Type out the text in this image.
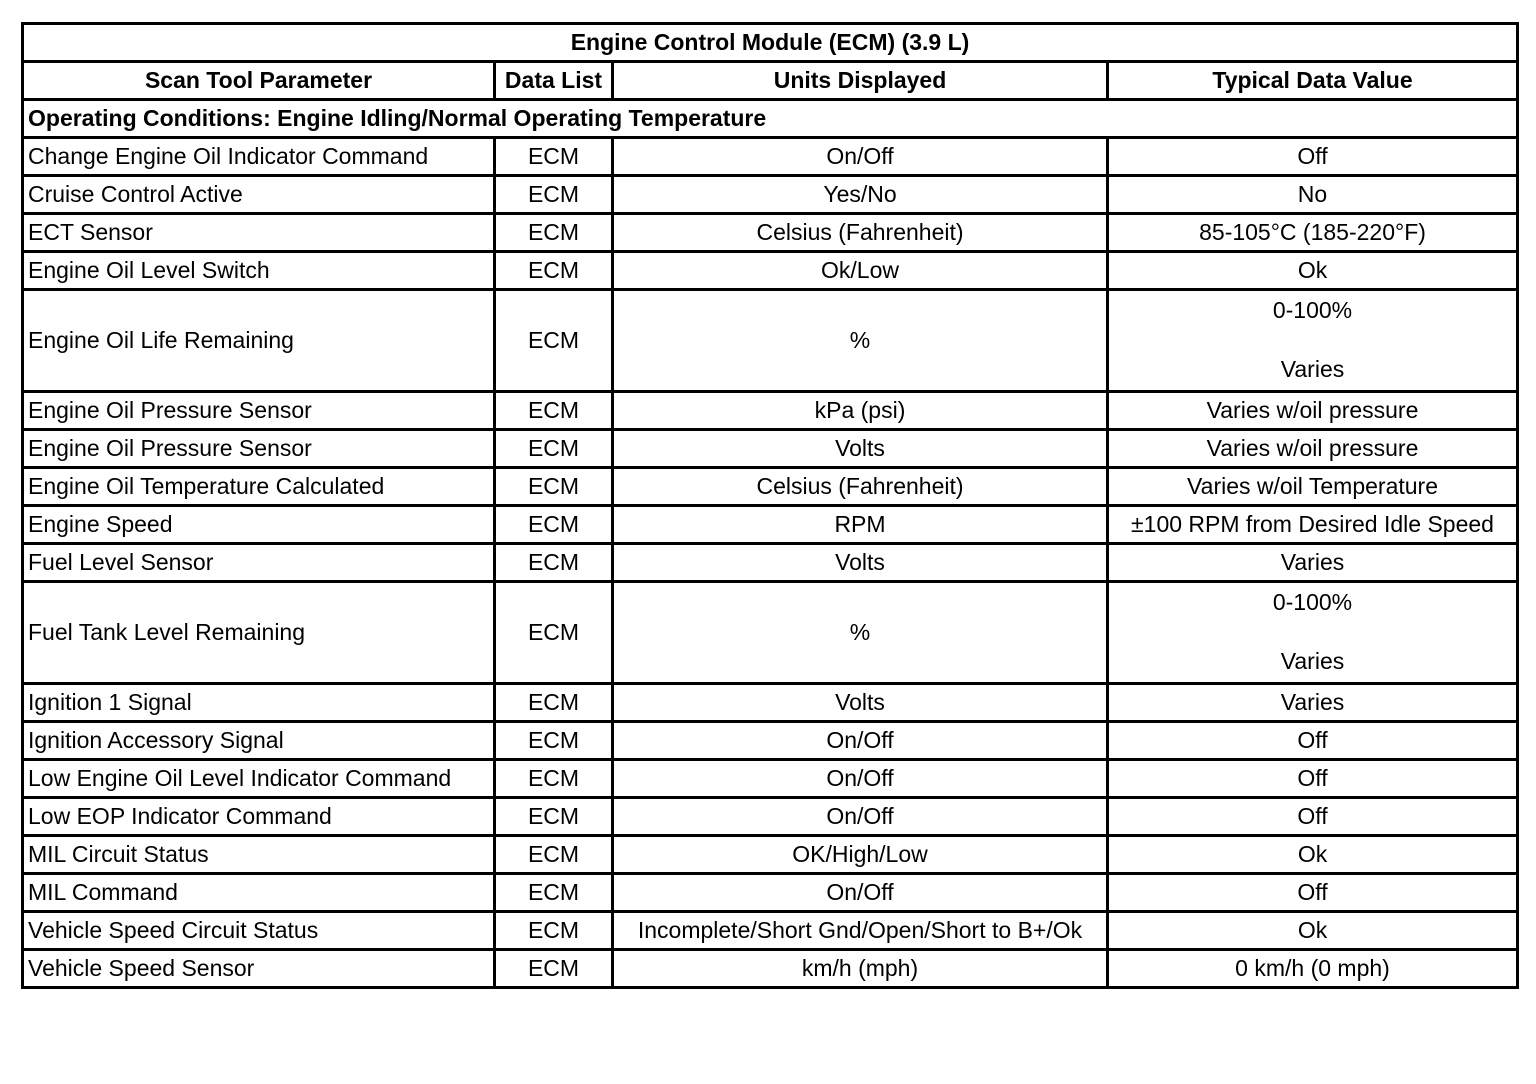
Engine Control Module (ECM) (3.9 L)			
Scan Tool Parameter	Data List	Units Displayed	Typical Data Value
Operating Conditions: Engine Idling/Normal Operating Temperature			
Change Engine Oil Indicator Command	ECM	On/Off	Off
Cruise Control Active	ECM	Yes/No	No
ECT Sensor	ECM	Celsius (Fahrenheit)	85-105°C (185-220°F)
Engine Oil Level Switch	ECM	Ok/Low	Ok
Engine Oil Life Remaining	ECM	%	0-100%
Varies

Engine Oil Pressure Sensor	ECM	kPa (psi)	Varies w/oil pressure
Engine Oil Pressure Sensor	ECM	Volts	Varies w/oil pressure
Engine Oil Temperature Calculated	ECM	Celsius (Fahrenheit)	Varies w/oil Temperature
Engine Speed	ECM	RPM	±100 RPM from Desired Idle Speed
Fuel Level Sensor	ECM	Volts	Varies
Fuel Tank Level Remaining	ECM	%	0-100%
Varies

Ignition 1 Signal	ECM	Volts	Varies
Ignition Accessory Signal	ECM	On/Off	Off
Low Engine Oil Level Indicator Command	ECM	On/Off	Off
Low EOP Indicator Command	ECM	On/Off	Off
MIL Circuit Status	ECM	OK/High/Low	Ok
MIL Command	ECM	On/Off	Off
Vehicle Speed Circuit Status	ECM	Incomplete/Short Gnd/Open/Short to B+/Ok	Ok
Vehicle Speed Sensor	ECM	km/h (mph)	0 km/h (0 mph)
